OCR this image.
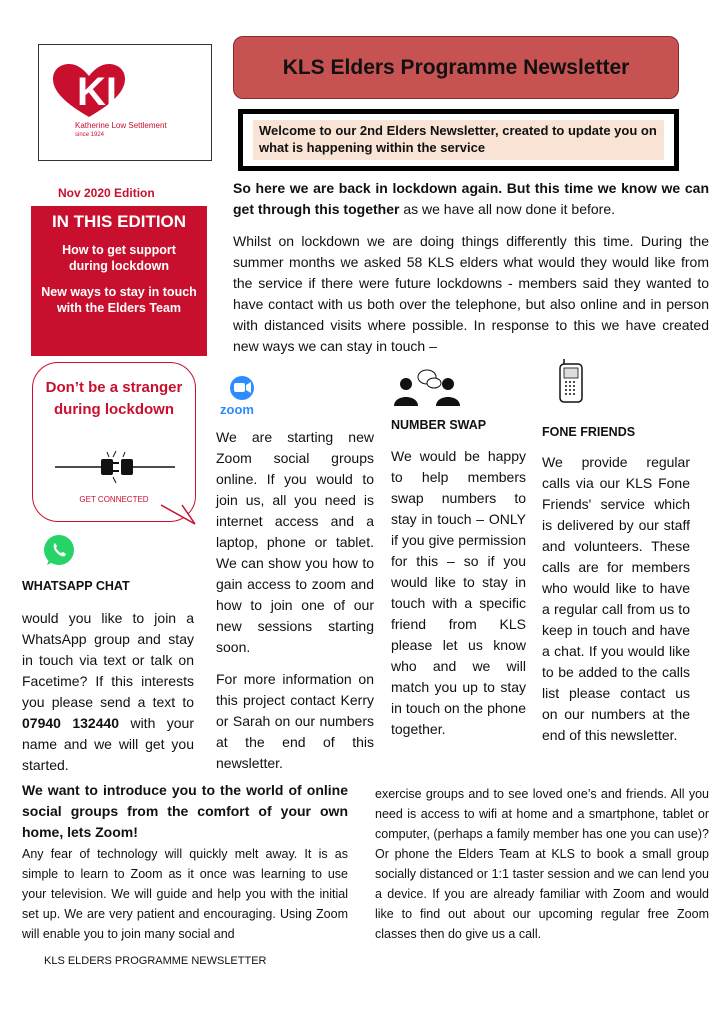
KLS
Katherine Low Settlement
since 1924
KLS Elders Programme Newsletter
Welcome to our 2nd Elders Newsletter, created to update you on what is happening within the service
Nov 2020 Edition
IN THIS EDITION

How to get support during lockdown

New ways to stay in touch with the Elders Team

So here we are back in lockdown again. But this time we know we can get through this together as we have all now done it before.

Whilst on lockdown we are doing things differently this time. During the summer months we asked 58 KLS elders what would they would like from the service if there were future lockdowns - members said they wanted to have contact with us both over the telephone, but also online and in person with distanced visits where possible. In response to this we have created new ways we can stay in touch –

Don’t be a stranger during lockdown
GET CONNECTED
WHATSAPP CHAT
would you like to join a WhatsApp group and stay in touch via text or talk on Facetime? If this interests you please send a text to 07940 132440 with your name and we will get you started.
zoom

We are starting new Zoom social groups online. If you would to join us, all you need is internet access and a laptop, phone or tablet. We can show you how to gain access to zoom and how to join one of our new sessions starting soon.

For more information on this project contact Kerry or Sarah on our numbers at the end of this newsletter.

NUMBER SWAP
We would be happy to help members swap numbers to stay in touch – ONLY if you give permission for this – so if you would like to stay in touch with a specific friend from KLS please let us know who and we will match you up to stay in touch on the phone together.
FONE FRIENDS
We provide regular calls via our KLS Fone Friends' service which is delivered by our staff and volunteers. These calls are for members who would like to have a regular call from us to keep in touch and have a chat. If you would like to be added to the calls list please contact us on our numbers at the end of this newsletter.
We want to introduce you to the world of online social groups from the comfort of your own home, lets Zoom!
Any fear of technology will quickly melt away. It is as simple to learn to Zoom as it once was learning to use your television. We will guide and help you with the initial set up. We are very patient and encouraging. Using Zoom will enable you to join many social and
exercise groups and to see loved one’s and friends. All you need is access to wifi at home and a smartphone, tablet or computer, (perhaps a family member has one you can use)? Or phone the Elders Team at KLS to book a small group socially distanced or 1:1 taster session and we can lend you a device. If you are already familiar with Zoom and would like to find out about our upcoming regular free Zoom classes then do give us a call.
KLS ELDERS PROGRAMME NEWSLETTER
